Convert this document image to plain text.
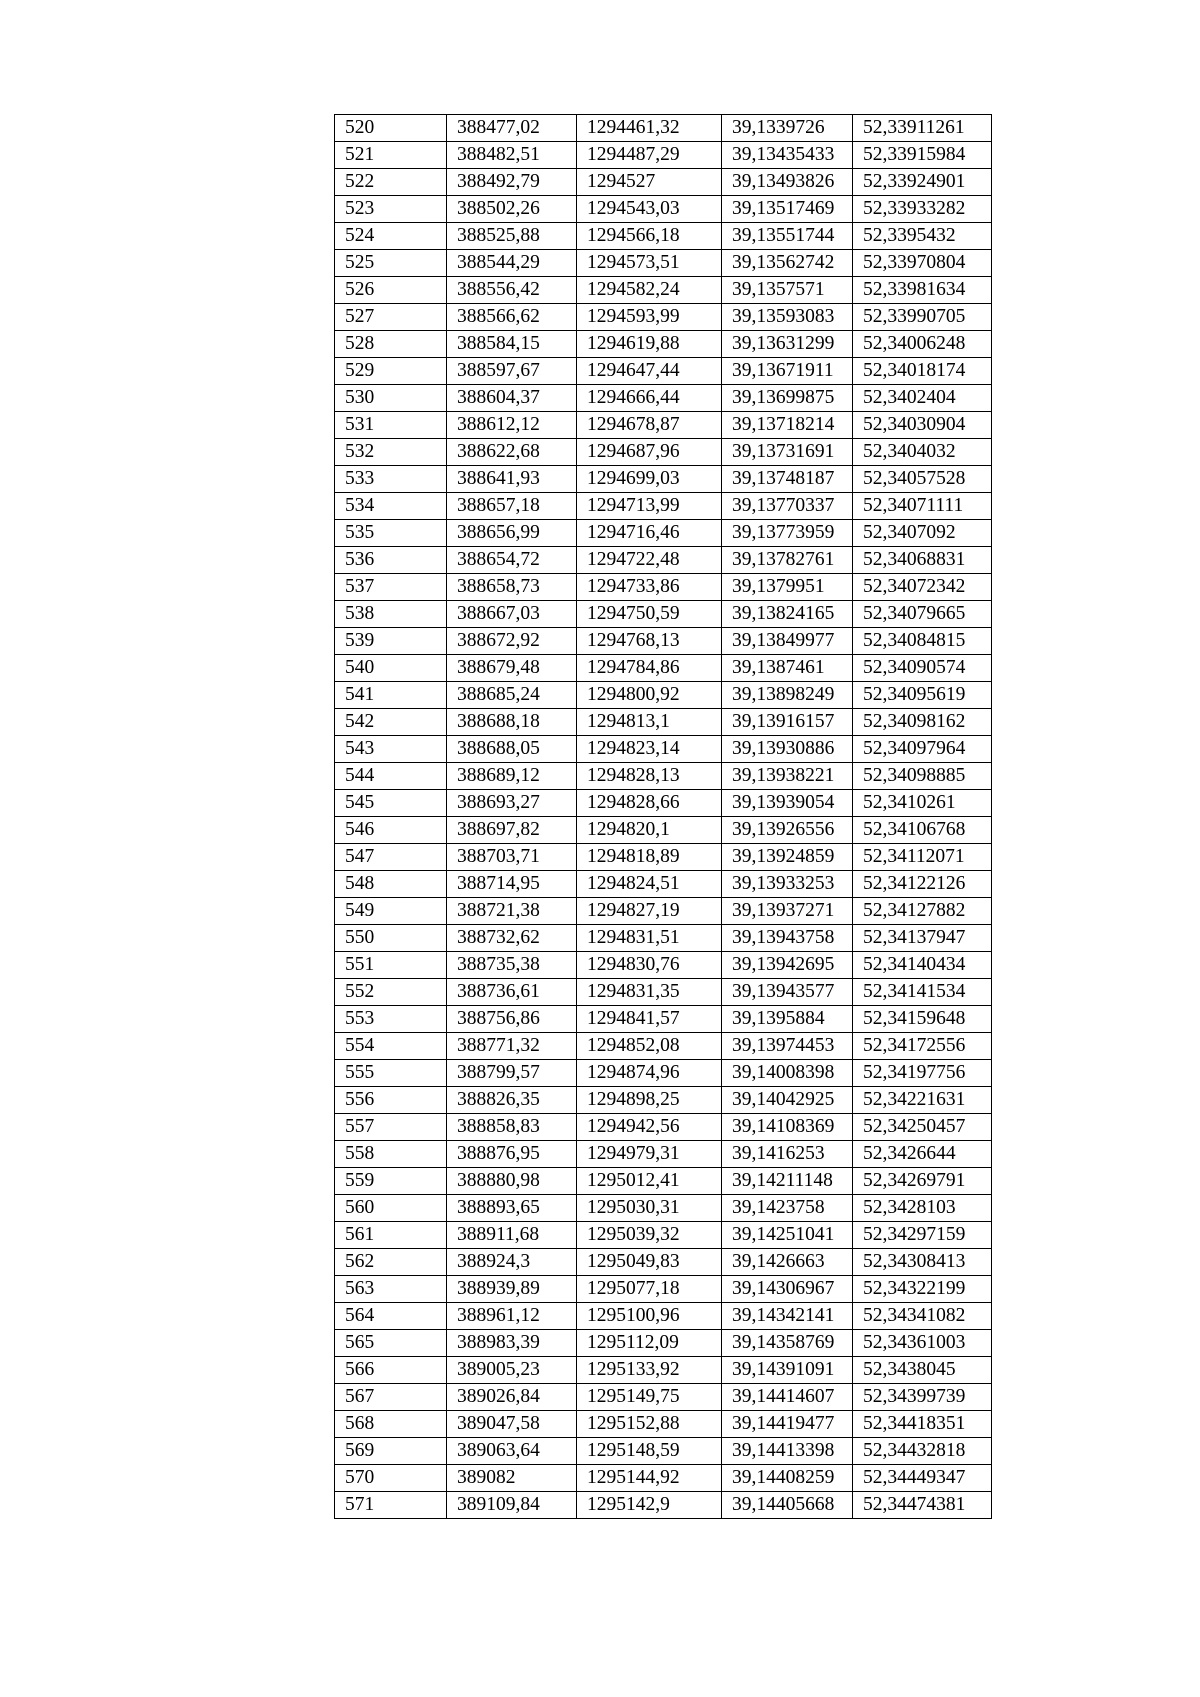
520	388477,02	1294461,32	39,1339726	52,33911261
521	388482,51	1294487,29	39,13435433	52,33915984
522	388492,79	1294527	39,13493826	52,33924901
523	388502,26	1294543,03	39,13517469	52,33933282
524	388525,88	1294566,18	39,13551744	52,3395432
525	388544,29	1294573,51	39,13562742	52,33970804
526	388556,42	1294582,24	39,1357571	52,33981634
527	388566,62	1294593,99	39,13593083	52,33990705
528	388584,15	1294619,88	39,13631299	52,34006248
529	388597,67	1294647,44	39,13671911	52,34018174
530	388604,37	1294666,44	39,13699875	52,3402404
531	388612,12	1294678,87	39,13718214	52,34030904
532	388622,68	1294687,96	39,13731691	52,3404032
533	388641,93	1294699,03	39,13748187	52,34057528
534	388657,18	1294713,99	39,13770337	52,34071111
535	388656,99	1294716,46	39,13773959	52,3407092
536	388654,72	1294722,48	39,13782761	52,34068831
537	388658,73	1294733,86	39,1379951	52,34072342
538	388667,03	1294750,59	39,13824165	52,34079665
539	388672,92	1294768,13	39,13849977	52,34084815
540	388679,48	1294784,86	39,1387461	52,34090574
541	388685,24	1294800,92	39,13898249	52,34095619
542	388688,18	1294813,1	39,13916157	52,34098162
543	388688,05	1294823,14	39,13930886	52,34097964
544	388689,12	1294828,13	39,13938221	52,34098885
545	388693,27	1294828,66	39,13939054	52,3410261
546	388697,82	1294820,1	39,13926556	52,34106768
547	388703,71	1294818,89	39,13924859	52,34112071
548	388714,95	1294824,51	39,13933253	52,34122126
549	388721,38	1294827,19	39,13937271	52,34127882
550	388732,62	1294831,51	39,13943758	52,34137947
551	388735,38	1294830,76	39,13942695	52,34140434
552	388736,61	1294831,35	39,13943577	52,34141534
553	388756,86	1294841,57	39,1395884	52,34159648
554	388771,32	1294852,08	39,13974453	52,34172556
555	388799,57	1294874,96	39,14008398	52,34197756
556	388826,35	1294898,25	39,14042925	52,34221631
557	388858,83	1294942,56	39,14108369	52,34250457
558	388876,95	1294979,31	39,1416253	52,3426644
559	388880,98	1295012,41	39,14211148	52,34269791
560	388893,65	1295030,31	39,1423758	52,3428103
561	388911,68	1295039,32	39,14251041	52,34297159
562	388924,3	1295049,83	39,1426663	52,34308413
563	388939,89	1295077,18	39,14306967	52,34322199
564	388961,12	1295100,96	39,14342141	52,34341082
565	388983,39	1295112,09	39,14358769	52,34361003
566	389005,23	1295133,92	39,14391091	52,3438045
567	389026,84	1295149,75	39,14414607	52,34399739
568	389047,58	1295152,88	39,14419477	52,34418351
569	389063,64	1295148,59	39,14413398	52,34432818
570	389082	1295144,92	39,14408259	52,34449347
571	389109,84	1295142,9	39,14405668	52,34474381
